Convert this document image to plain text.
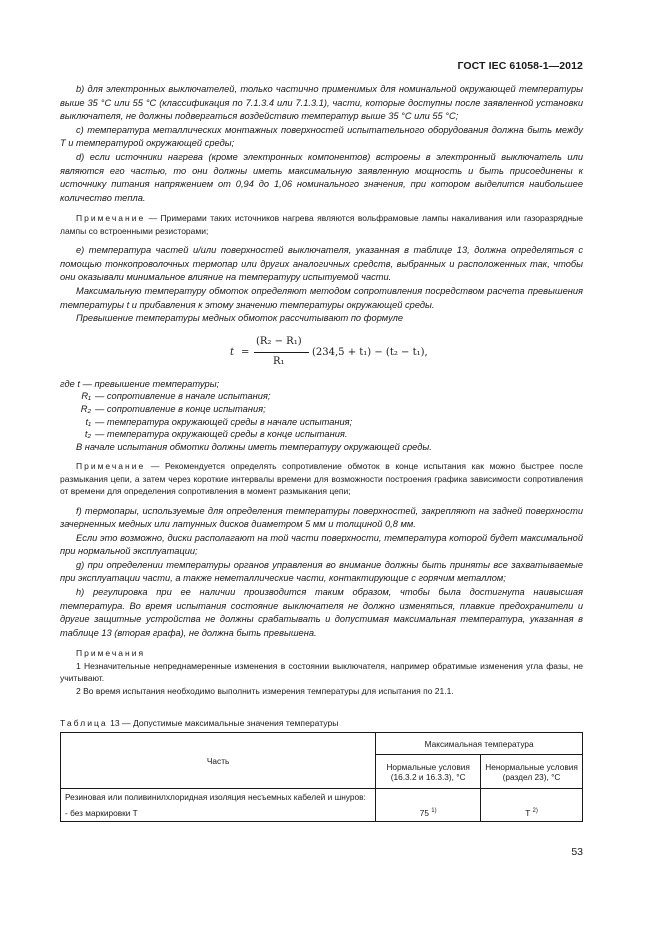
ГОСТ IEC 61058-1—2012

b) для электронных выключателей, только частично применимых для номинальной окружающей температуры выше 35 °С или 55 °С (классификация по 7.1.3.4 или 7.1.3.1), части, которые доступны после заявленной установки выключателя, не должны подвергаться воздействию температур выше 35 °С или 55 °С;

c) температура металлических монтажных поверхностей испытательного оборудования должна быть между T и температурой окружающей среды;

d) если источники нагрева (кроме электронных компонентов) встроены в электронный выключатель или являются его частью, то они должны иметь максимальную заявленную мощность и быть присоединены к источнику питания напряжением от 0,94 до 1,06 номинального значения, при котором выделится наибольшее количество тепла.

Примечание — Примерами таких источников нагрева являются вольфрамовые лампы накаливания или газоразрядные лампы со встроенными резисторами;

e) температура частей и/или поверхностей выключателя, указанная в таблице 13, должна определяться с помощью тонкопроволочных термопар или других аналогичных средств, выбранных и расположенных так, чтобы они оказывали минимальное влияние на температуру испытуемой части.

Максимальную температуру обмоток определяют методом сопротивления посредством расчета превышения температуры t и прибавления к этому значению температуры окружающей среды.

Превышение температуры медных обмоток рассчитывают по формуле

t =
(R₂ − R₁)
R₁
(234,5 + t₁) − (t₂ − t₁),
где t — превышение температуры;
R₁ — сопротивление в начале испытания;
R₂ — сопротивление в конце испытания;
t₁ — температура окружающей среды в начале испытания;
t₂ — температура окружающей среды в конце испытания.
В начале испытания обмотки должны иметь температуру окружающей среды.

Примечание — Рекомендуется определять сопротивление обмоток в конце испытания как можно быстрее после размыкания цепи, а затем через короткие интервалы времени для возможности построения графика зависимости сопротивления от времени для определения сопротивления в момент размыкания цепи;

f) термопары, используемые для определения температуры поверхностей, закрепляют на задней поверхности зачерненных медных или латунных дисков диаметром 5 мм и толщиной 0,8 мм.

Если это возможно, диски располагают на той части поверхности, температура которой будет максимальной при нормальной эксплуатации;

g) при определении температуры органов управления во внимание должны быть приняты все захватываемые при эксплуатации части, а также неметаллические части, контактирующие с горячим металлом;

h) регулировка при ее наличии производится таким образом, чтобы была достигнута наивысшая температура. Во время испытания состояние выключателя не должно изменяться, плавкие предохранители и другие защитные устройства не должны срабатывать и допустимая максимальная температура, указанная в таблице 13 (вторая графа), не должна быть превышена.

Примечания

1 Незначительные непреднамеренные изменения в состоянии выключателя, например обратимые изменения угла фазы, не учитывают.

2 Во время испытания необходимо выполнить измерения температуры для испытания по 21.1.

Таблица 13 — Допустимые максимальные значения температуры
Часть	Максимальная температура	
	Нормальные условия (16.3.2 и 16.3.3), °С	Ненормальные условия (раздел 23), °С

Резиновая или поливинилхлоридная изоляция несъемных кабелей и шнуров:
- без маркировки T	75 $^{1)}$	T $^{2)}$
53
